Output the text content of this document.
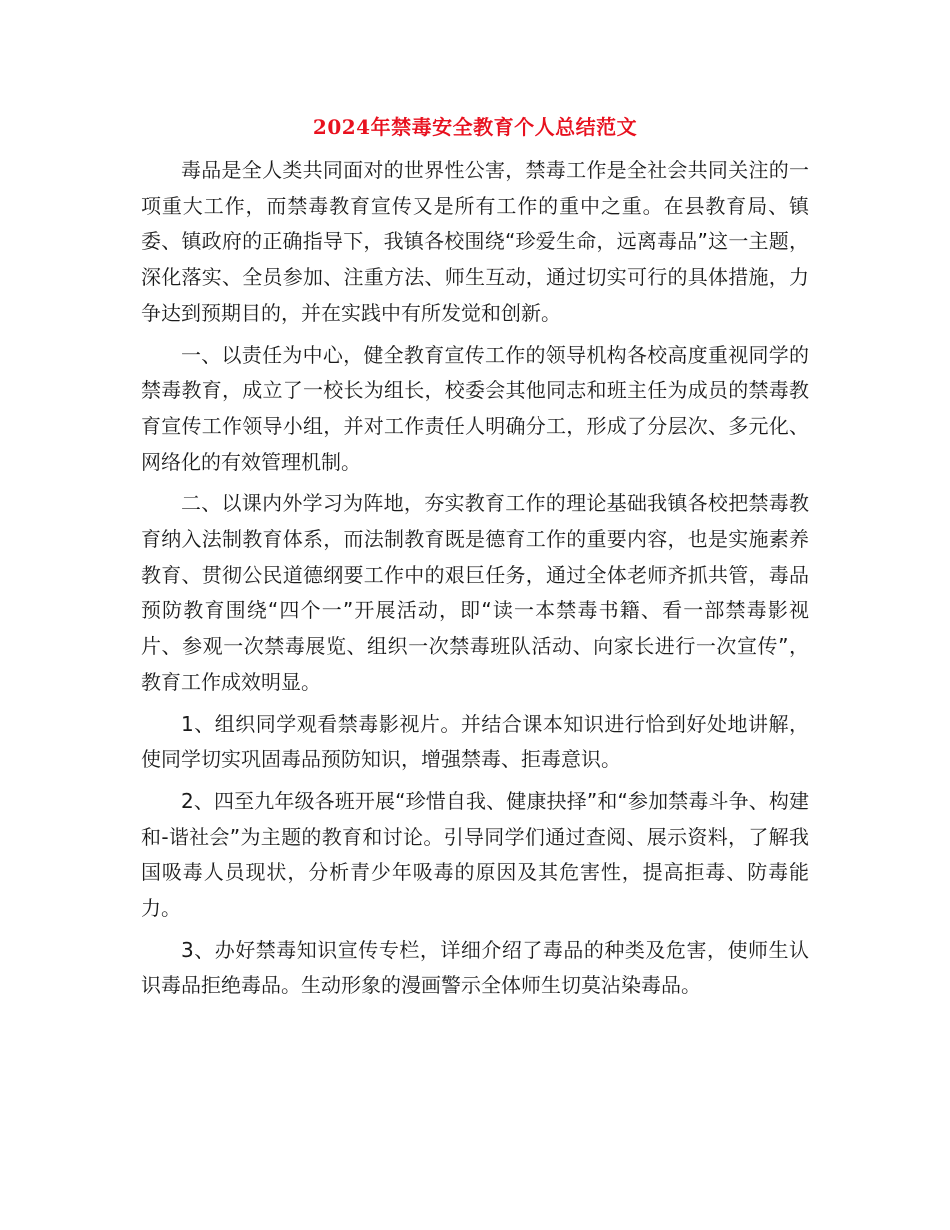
2024年禁毒安全教育个人总结范文

毒品是全人类共同面对的世界性公害，禁毒工作是全社会共同关注的一项重大工作，而禁毒教育宣传又是所有工作的重中之重。在县教育局、镇委、镇政府的正确指导下，我镇各校围绕“珍爱生命，远离毒品”这一主题，深化落实、全员参加、注重方法、师生互动，通过切实可行的具体措施，力争达到预期目的，并在实践中有所发觉和创新。

一、以责任为中心，健全教育宣传工作的领导机构各校高度重视同学的禁毒教育，成立了一校长为组长，校委会其他同志和班主任为成员的禁毒教育宣传工作领导小组，并对工作责任人明确分工，形成了分层次、多元化、网络化的有效管理机制。

二、以课内外学习为阵地，夯实教育工作的理论基础我镇各校把禁毒教育纳入法制教育体系，而法制教育既是德育工作的重要内容，也是实施素养教育、贯彻公民道德纲要工作中的艰巨任务，通过全体老师齐抓共管，毒品预防教育围绕“四个一”开展活动，即“读一本禁毒书籍、看一部禁毒影视片、参观一次禁毒展览、组织一次禁毒班队活动、向家长进行一次宣传”，教育工作成效明显。

1、组织同学观看禁毒影视片。并结合课本知识进行恰到好处地讲解，使同学切实巩固毒品预防知识，增强禁毒、拒毒意识。

2、四至九年级各班开展“珍惜自我、健康抉择”和“参加禁毒斗争、构建和-谐社会”为主题的教育和讨论。引导同学们通过查阅、展示资料，了解我国吸毒人员现状，分析青少年吸毒的原因及其危害性，提高拒毒、防毒能力。

3、办好禁毒知识宣传专栏，详细介绍了毒品的种类及危害，使师生认识毒品拒绝毒品。生动形象的漫画警示全体师生切莫沾染毒品。
